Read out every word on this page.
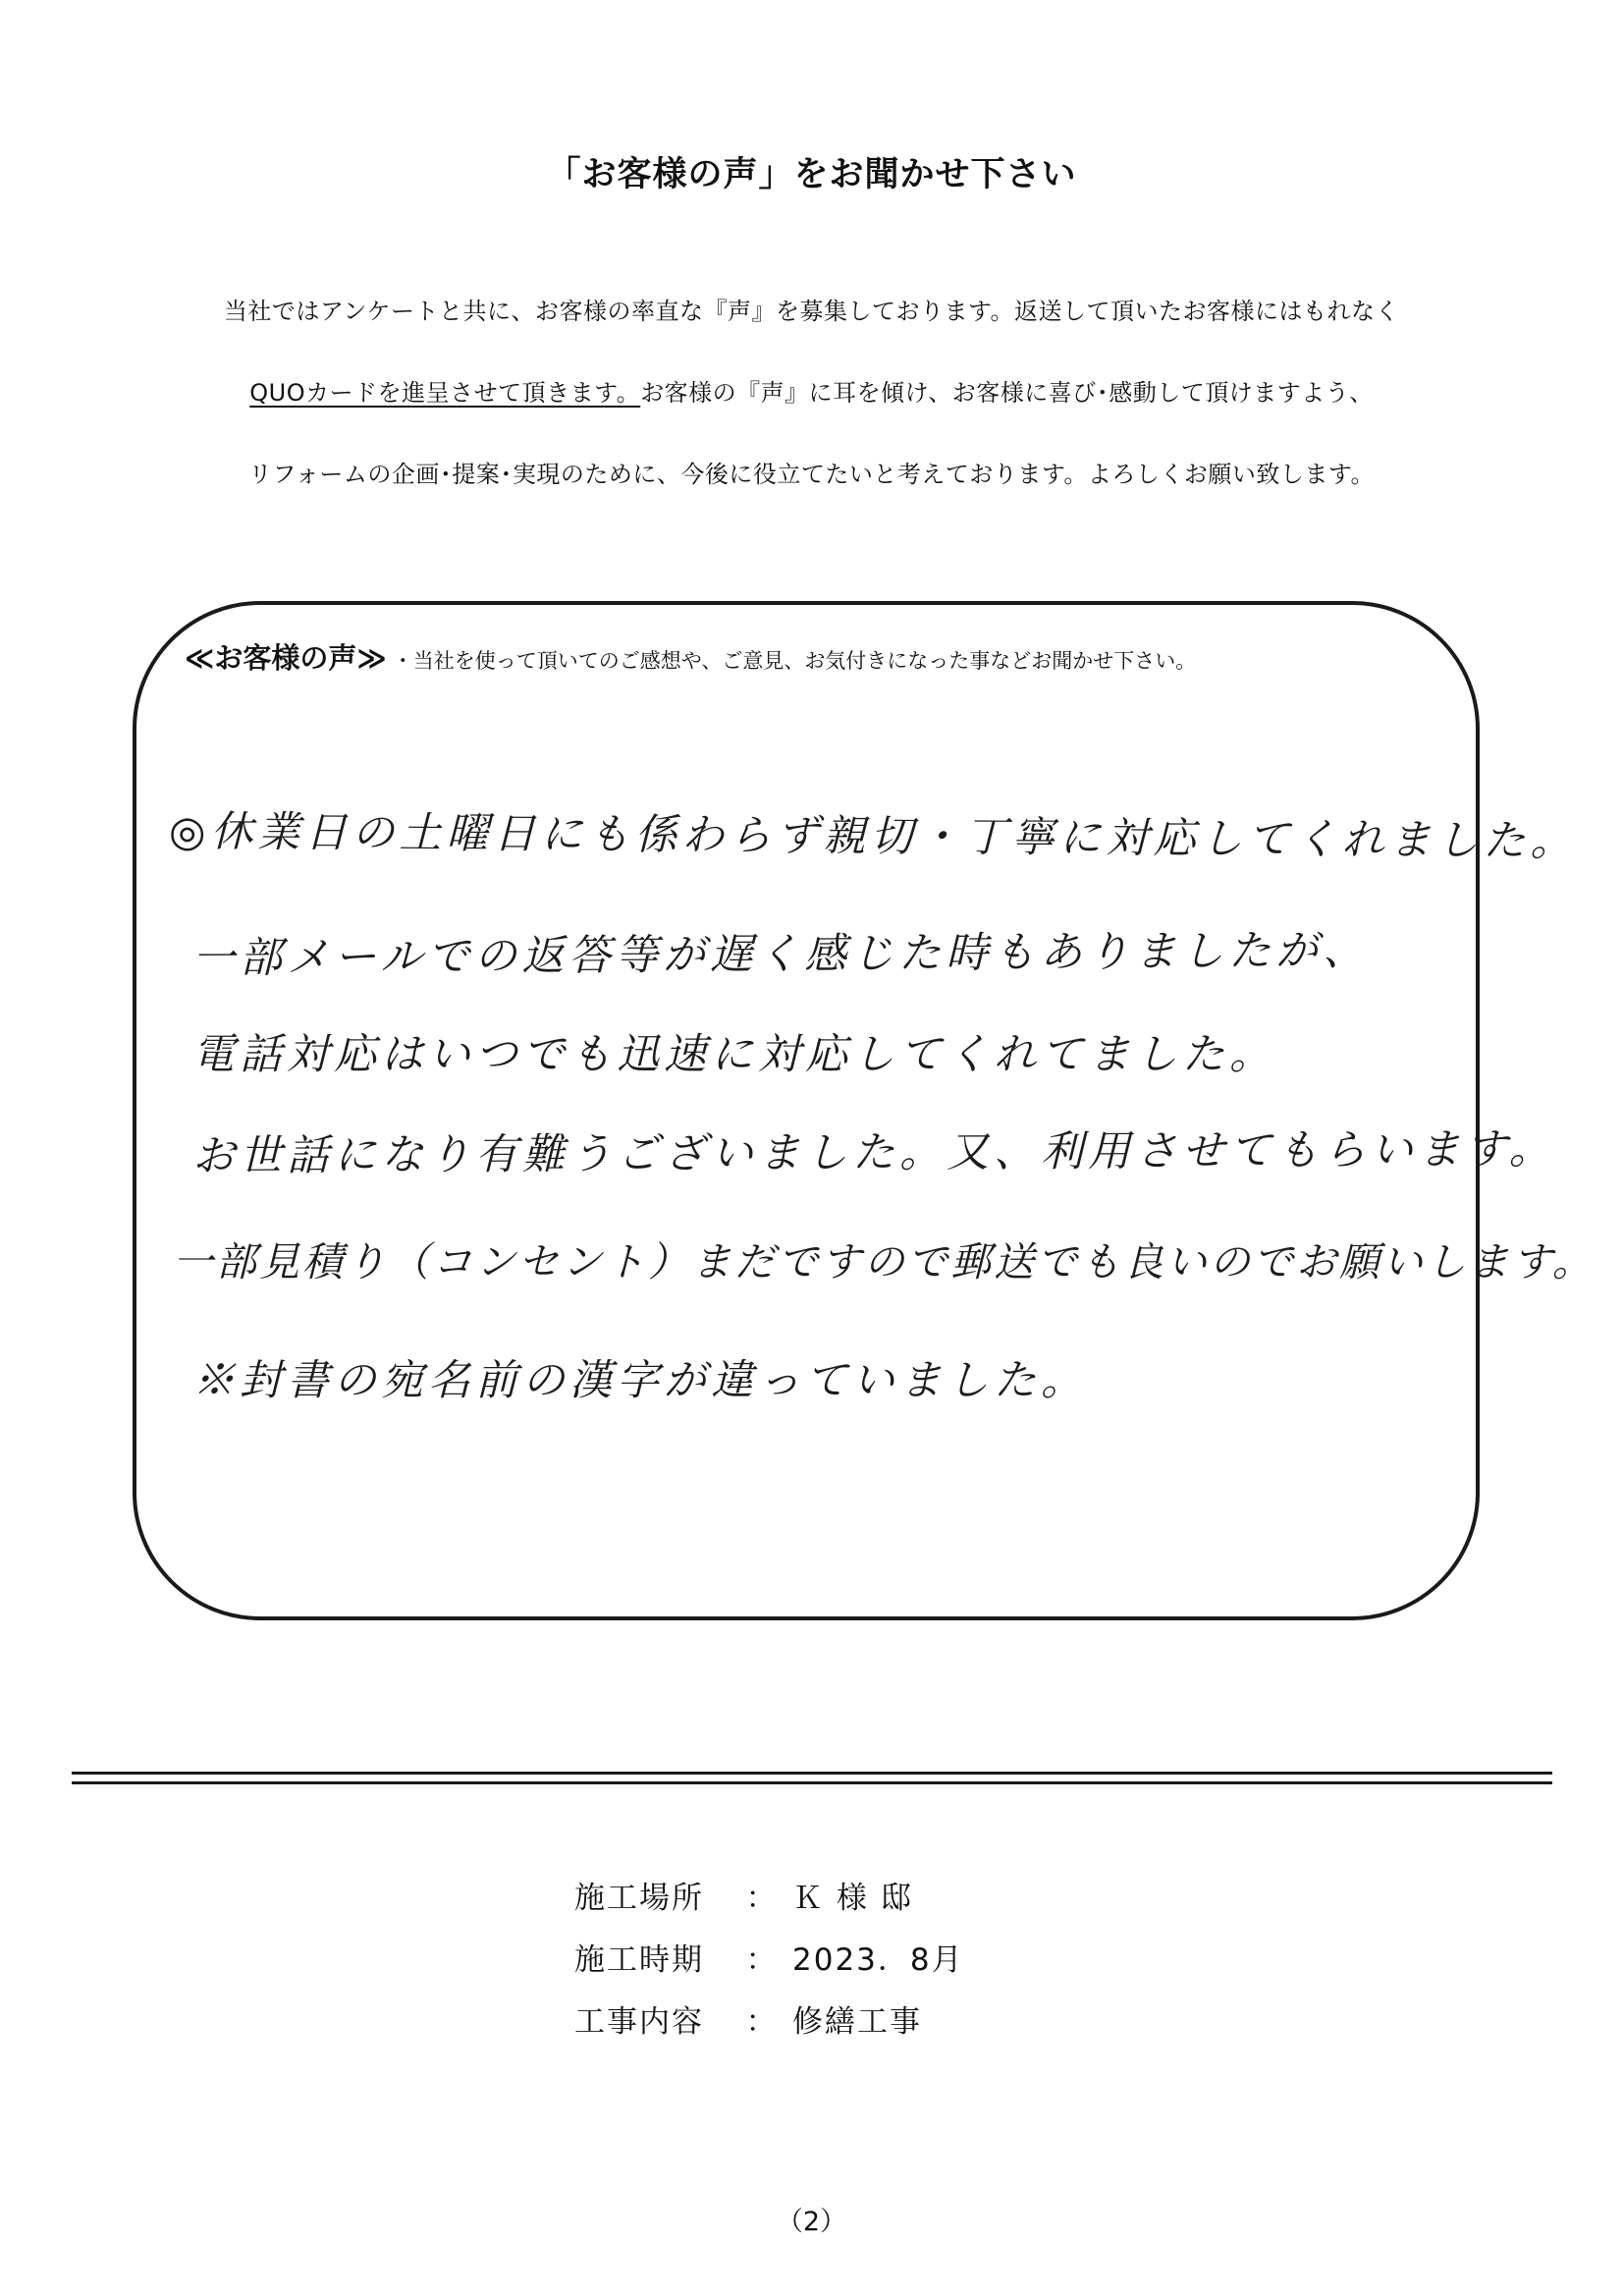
「お客様の声」をお聞かせ下さい
当社ではアンケートと共に、お客様の率直な『声』を募集しております。返送して頂いたお客様にはもれなく
QUOカードを進呈させて頂きます。お客様の『声』に耳を傾け、お客様に喜び･感動して頂けますよう、
リフォームの企画･提案･実現のために、今後に役立てたいと考えております。よろしくお願い致します。
≪お客様の声≫ ・当社を使って頂いてのご感想や、ご意見、お気付きになった事などお聞かせ下さい。
◎休業日の土曜日にも係わらず親切・丁寧に対応してくれました。
一部メールでの返答等が遅く感じた時もありましたが、
電話対応はいつでも迅速に対応してくれてました。
お世話になり有難うございました。又、利用させてもらいます。
一部見積り（コンセント）まだですので郵送でも良いのでお願いします。
※封書の宛名前の漢字が違っていました。
施工場所 ： Ｋ 様 邸
施工時期 ： 2023．8月
工事内容 ： 修繕工事
（2）
